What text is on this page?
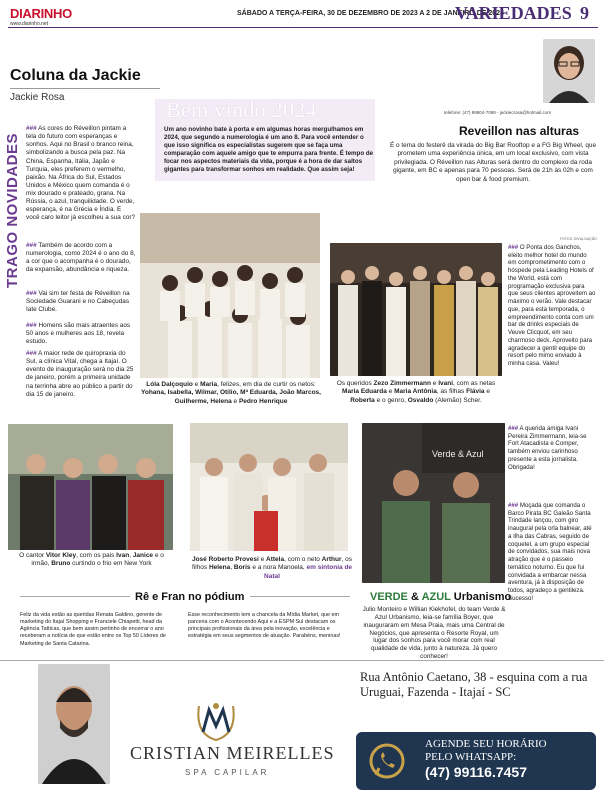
DIARINHO
www.diarinho.net
SÁBADO A TERÇA-FEIRA, 30 DE DEZEMBRO DE 2023 A 2 DE JANEIRO DE 2024
VARIEDADES 9
Coluna da Jackie
Jackie Rosa
telefone: (47) 99904-7098 - jackiecrosa@hotmail.com
Bem vindo 2024
Um ano novinho bate à porta e em algumas horas mergulhamos em 2024, que segundo a numerologia é um ano 8. Para você entender o que isso significa os especialistas sugerem que se faça uma comparação com aquele amigo que te empurra para frente. É tempo de focar nos aspectos materiais da vida, porque é a hora de dar saltos gigantes para transformar sonhos em realidade. Que assim seja!
TRAGO NOVIDADES
### As cores do Réveillon pintam a tela do futuro com esperanças e sonhos. Aqui no Brasil o branco reina, simbolizando a busca pela paz. Na China, Espanha, Itália, Japão e Turquia, eles preferem o vermelho, paixão. Na África do Sul, Estados Unidos e México quem comanda é o mix dourado e prateado, grana. Na Rússia, o azul, tranquilidade. O verde, esperança, é na Grécia e Índia. E você caro leitor já escolheu a sua cor?
### Também de acordo com a numerologia, como 2024 é o ano do 8, a cor que o acompanha é o dourado, da expansão, abundância e riqueza.
### Vai sim ter festa de Réveillon na Sociedade Guarani e no Cabeçudas Iate Clube.
### Homens são mais atraentes aos 50 anos e mulheres aos 18, revela estudo.
### A maior rede de quiropraxia do Sul, a clínica Vital, chega a Itajaí. O evento de inauguração será no dia 25 de janeiro, porém a primeira unidade na terrinha abre ao público a partir do dia 15 de janeiro.
Reveillon nas alturas
É o tema do festerê da virada do Big Bar Rooftop e a FG Big Wheel, que prometem uma experiência única, em um local exclusivo, com vista privilegiada. O Réveillon nas Alturas será dentro do complexo da roda gigante, em BC e apenas para 70 pessoas. Será de 21h às 02h e com open bar & food premium.
FOTOS: DIVULGAÇÃO
### O Ponta dos Ganchos, eleito melhor hotel do mundo em comprometimento com o hóspede pela Leading Hotels of the World, está com programação exclusiva para que seus clientes aproveitem ao máximo o verão. Vale destacar que, para esta temporada, o empreendimento conta com um bar de drinks especiais de Veuve Clicquot, em seu charmoso deck. Aproveito para agradecer a gentil equipe do resort pelo mimo enviado à minha casa. Valeu!
### A querida amiga Ivani Pereira Zimmermann, leia-se Fort Atacadista e Comper, também enviou carinhoso presente a esta jornalista. Obrigada!
### Moçada que comanda o Barco Pirata BC Galeão Santa Trindade lançou, com giro inaugural pela orla balnear, até a Ilha das Cabras, seguido de coquetel, a um grupo especial de convidados, sua mais nova atração que é o passeio temático noturno. Eu que fui convidada a embarcar nessa aventura, já à disposição de todos, agradeço a gentileza. Sucesso!
Lóla Dalçoquio e Maria, felizes, em dia de curtir os netos: Yohana, Isabella, Wilmar, Otilio, Mª Eduarda, João Marcos, Guilherme, Helena e Pedro Henrique
Os queridos Zezo Zimmermann e Ivani, com as netas Maria Eduarda e Maria Antônia, as filhas Flávia e Roberta e o genro, Osvaldo (Alemão) Scher.
O cantor Vitor Kley, com os pais Ivan, Janice e o irmão, Bruno curtindo o frio em New York
José Roberto Provesi e Attela, com o neto Arthur, os filhos Helena, Boris e a nora Manoela, em sintonia de Natal
Verde & Azul
VERDE & AZUL Urbanismo
Julio Monteiro e Willian Kiekhofel, do team Verde & Azul Urbanismo, leia-se família Boyer, que inauguraram em Mesa Praia, mais uma Central de Negócios, que apresenta o Resorte Royal, um lugar dos sonhos para você morar com real qualidade de vida, junto à natureza. Já quero conhecer!
Rê e Fran no pódium
Feliz da vida estão as queridas Renata Galdino, gerente de marketing do Itajaí Shopping e Franciele Chiapetti, head da Agência Tatticas, que bem assim pertinho de encerrar o ano receberam a notícia de que estão entre os Top 50 Líderes de Marketing de Santa Catarina.
Esse reconhecimento tem a chancela da Mídia Market, que em parceria com o Acontecendo Aqui e a ESPM Sul destacam os principais profissionais da área pela inovação, excelência e estratégia em seus segmentos de atuação. Parabéns, meninas!
CRISTIAN MEIRELLES
SPA CAPILAR
Rua Antônio Caetano, 38 - esquina com a rua Uruguai, Fazenda - Itajaí - SC
AGENDE SEU HORÁRIO
PELO WHATSAPP:
(47) 99116.7457
